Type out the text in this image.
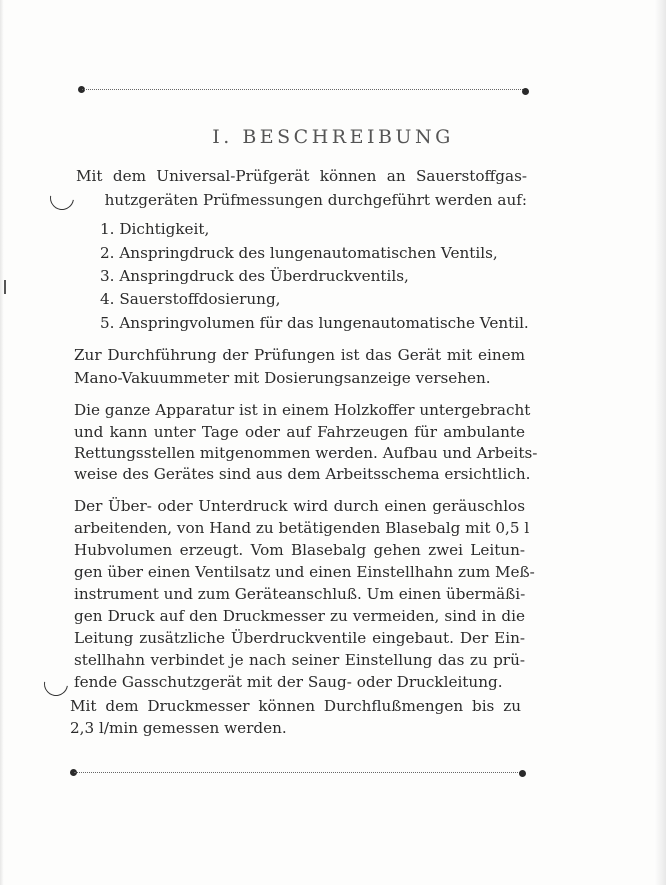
I. BESCHREIBUNG
Mit dem Universal-Prüfgerät können an Sauerstoffgas-
hutzgeräten Prüfmessungen durchgeführt werden auf:
1. Dichtigkeit,
2. Anspringdruck des lungenautomatischen Ventils,
3. Anspringdruck des Überdruckventils,
4. Sauerstoffdosierung,
5. Anspringvolumen für das lungenautomatische Ventil.
Zur Durchführung der Prüfungen ist das Gerät mit einem
Mano-Vakuummeter mit Dosierungsanzeige versehen.
Die ganze Apparatur ist in einem Holzkoffer untergebracht
und kann unter Tage oder auf Fahrzeugen für ambulante
Rettungsstellen mitgenommen werden. Aufbau und Arbeits-
weise des Gerätes sind aus dem Arbeitsschema ersichtlich.
Der Über- oder Unterdruck wird durch einen geräuschlos
arbeitenden, von Hand zu betätigenden Blasebalg mit 0,5 l
Hubvolumen erzeugt. Vom Blasebalg gehen zwei Leitun-
gen über einen Ventilsatz und einen Einstellhahn zum Meß-
instrument und zum Geräteanschluß. Um einen übermäßi-
gen Druck auf den Druckmesser zu vermeiden, sind in die
Leitung zusätzliche Überdruckventile eingebaut. Der Ein-
stellhahn verbindet je nach seiner Einstellung das zu prü-
fende Gasschutzgerät mit der Saug- oder Druckleitung.
Mit dem Druckmesser können Durchflußmengen bis zu
2,3 l/min gemessen werden.
